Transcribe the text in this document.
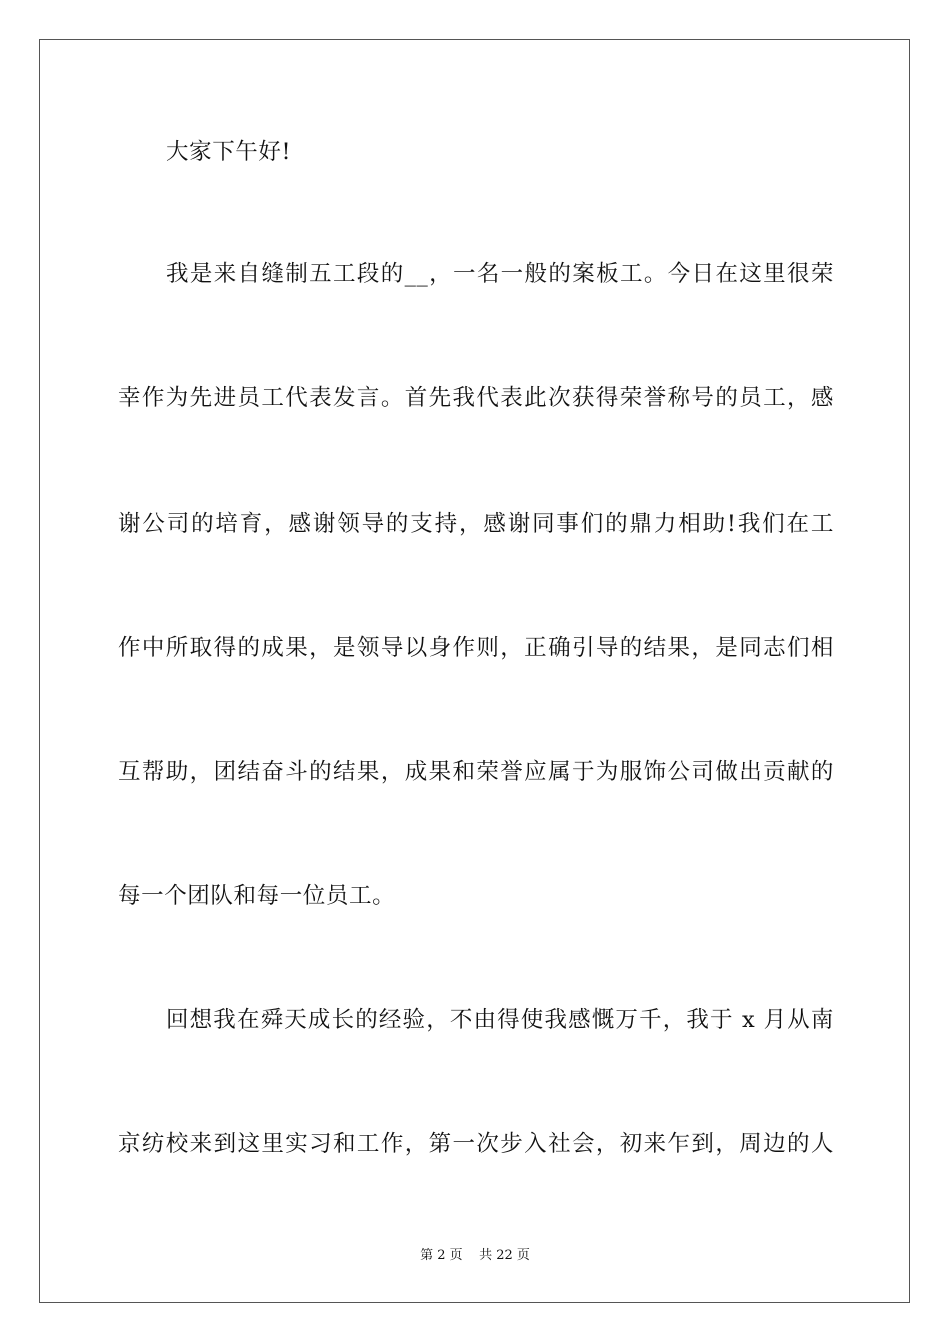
大家下午好!
我是来自缝制五工段的__，一名一般的案板工。今日在这里很荣
幸作为先进员工代表发言。首先我代表此次获得荣誉称号的员工，感
谢公司的培育，感谢领导的支持，感谢同事们的鼎力相助!我们在工
作中所取得的成果，是领导以身作则，正确引导的结果，是同志们相
互帮助，团结奋斗的结果，成果和荣誉应属于为服饰公司做出贡献的
每一个团队和每一位员工。
回想我在舜天成长的经验，不由得使我感慨万千，我于 x 月从南
京纺校来到这里实习和工作，第一次步入社会，初来乍到，周边的人
第 2 页    共 22 页
